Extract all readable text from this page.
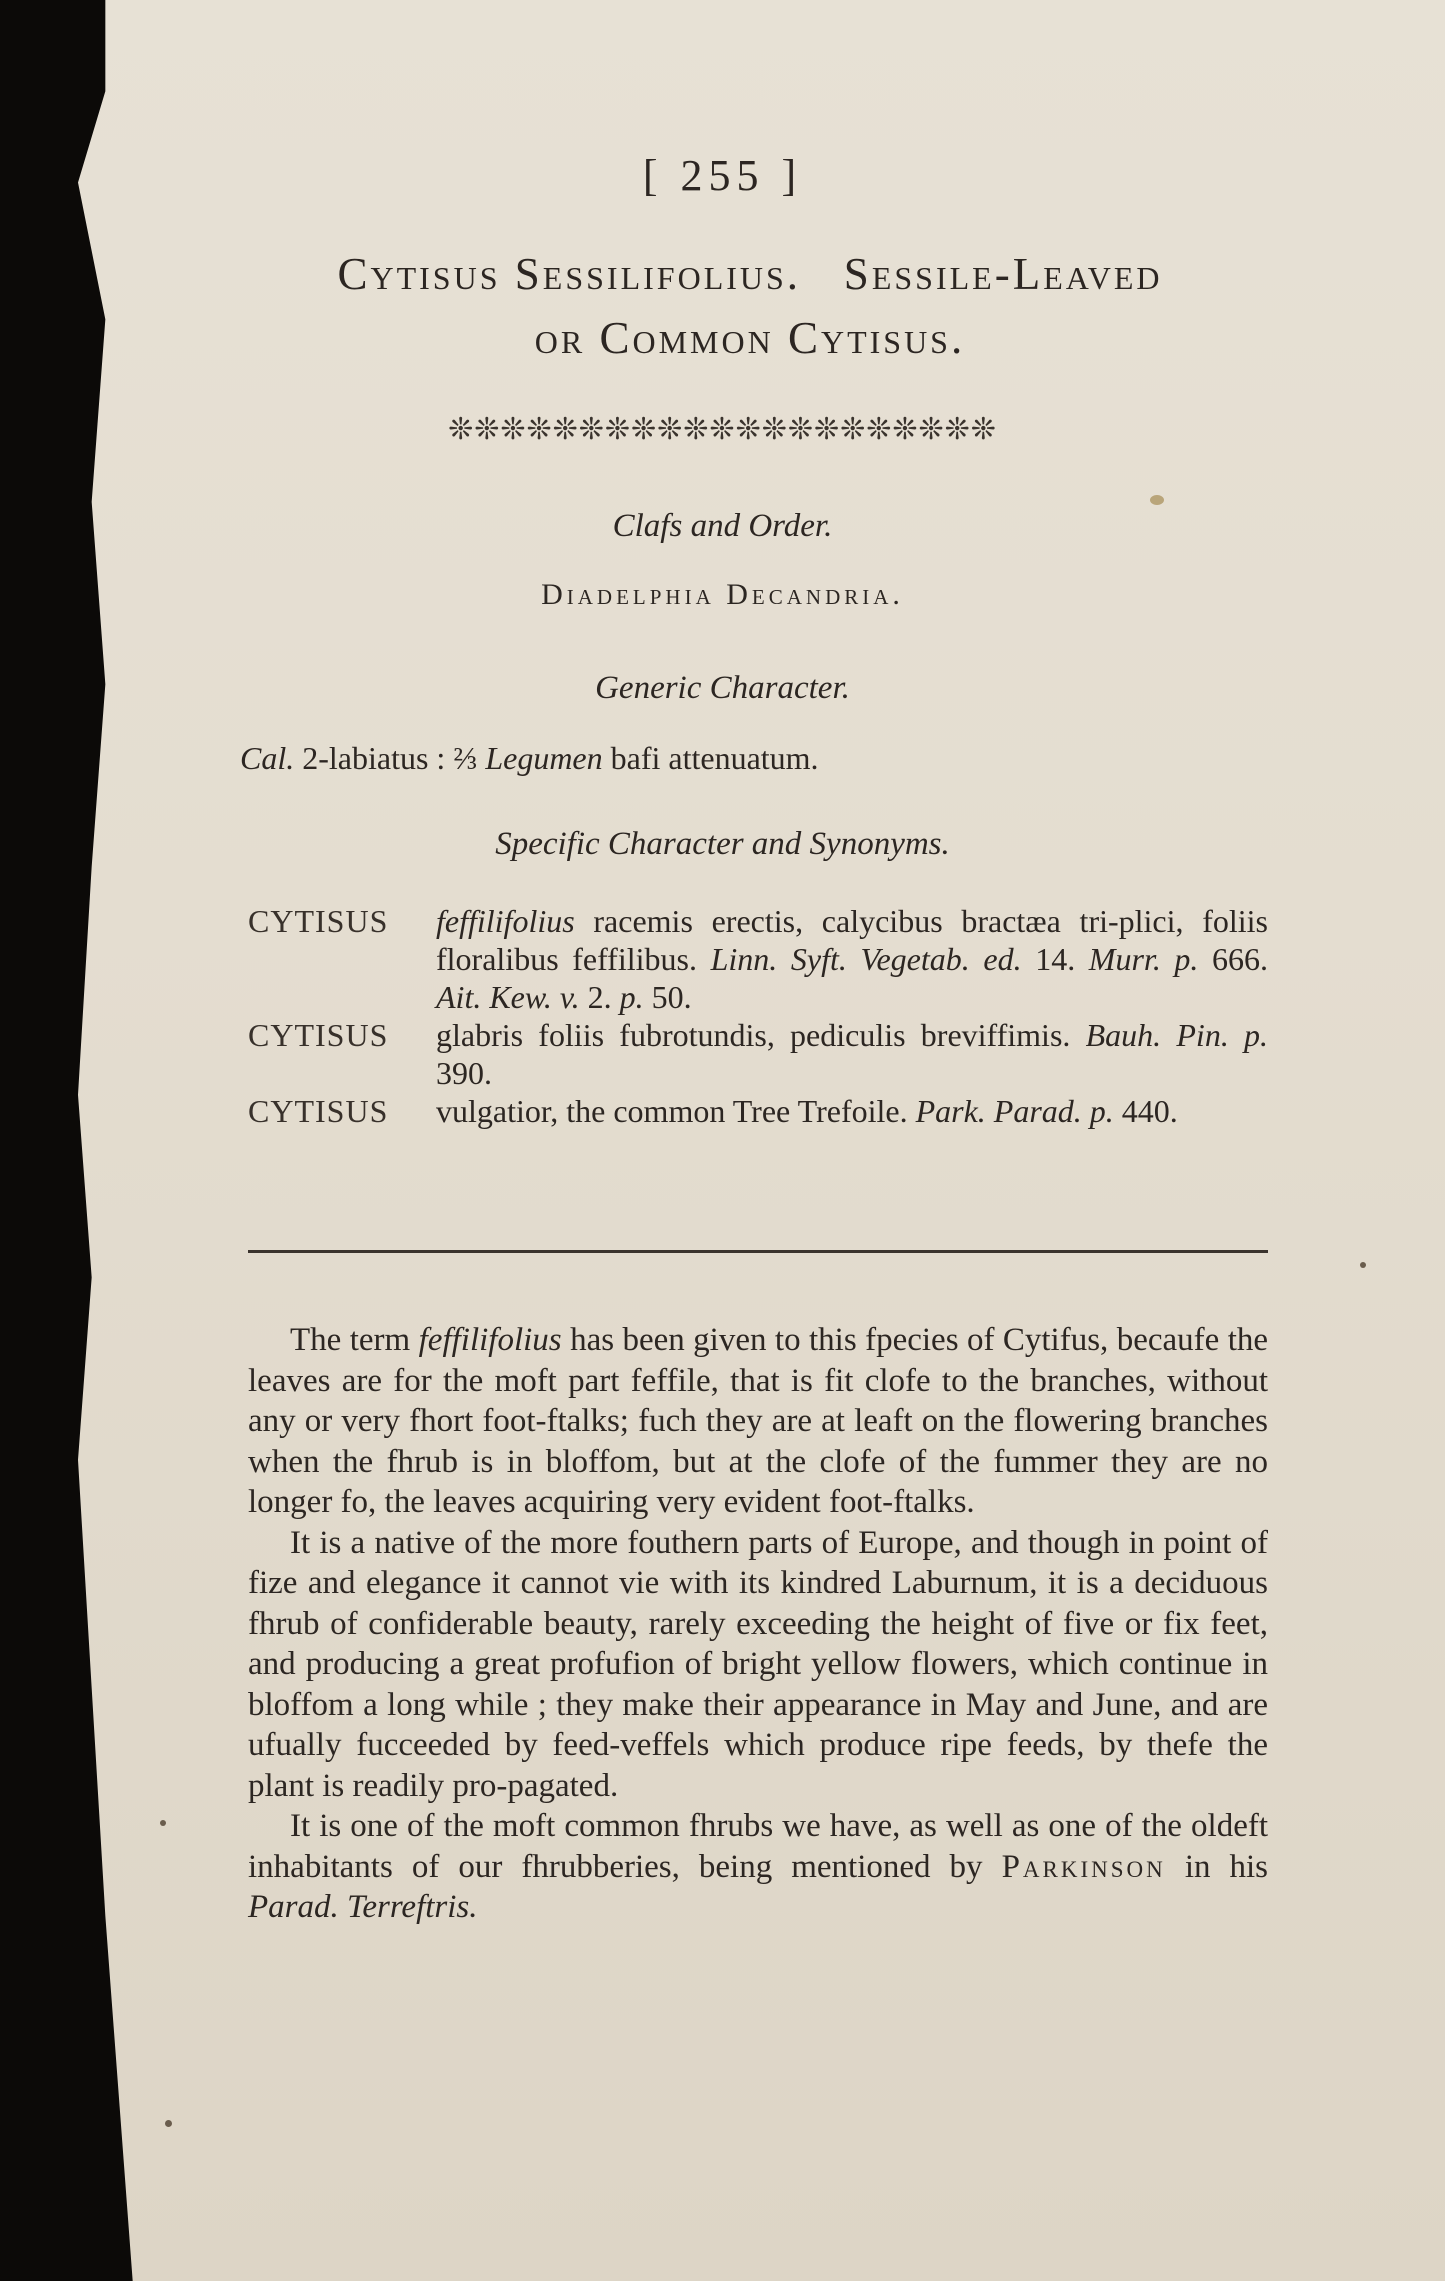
[ 255 ]
Cytisus Sessilifolius.   Sessile-Leaved
or Common Cytisus.
❊❊❊❊❊❊❊❊❊❊❊❊❊❊❊❊❊❊❊❊❊
Clafs and Order.
Diadelphia Decandria.
Generic Character.
Cal. 2-labiatus : ⅔ Legumen bafi attenuatum.
Specific Character and Synonyms.
CYTISUS	feffilifolius racemis erectis, calycibus bractæa tri-plici, foliis floralibus feffilibus. Linn. Syft. Vegetab. ed. 14. Murr. p. 666. Ait. Kew. v. 2. p. 50.
CYTISUS	glabris foliis fubrotundis, pediculis breviffimis. Bauh. Pin. p. 390.
CYTISUS	vulgatior, the common Tree Trefoile. Park. Parad. p. 440.

The term feffilifolius has been given to this fpecies of Cytifus, becaufe the leaves are for the moft part feffile, that is fit clofe to the branches, without any or very fhort foot-ftalks; fuch they are at leaft on the flowering branches when the fhrub is in bloffom, but at the clofe of the fummer they are no longer fo, the leaves acquiring very evident foot-ftalks.

It is a native of the more fouthern parts of Europe, and though in point of fize and elegance it cannot vie with its kindred Laburnum, it is a deciduous fhrub of confiderable beauty, rarely exceeding the height of five or fix feet, and producing a great profufion of bright yellow flowers, which continue in bloffom a long while ; they make their appearance in May and June, and are ufually fucceeded by feed-veffels which produce ripe feeds, by thefe the plant is readily pro-pagated.

It is one of the moft common fhrubs we have, as well as one of the oldeft inhabitants of our fhrubberies, being mentioned by Parkinson in his Parad. Terreftris.
